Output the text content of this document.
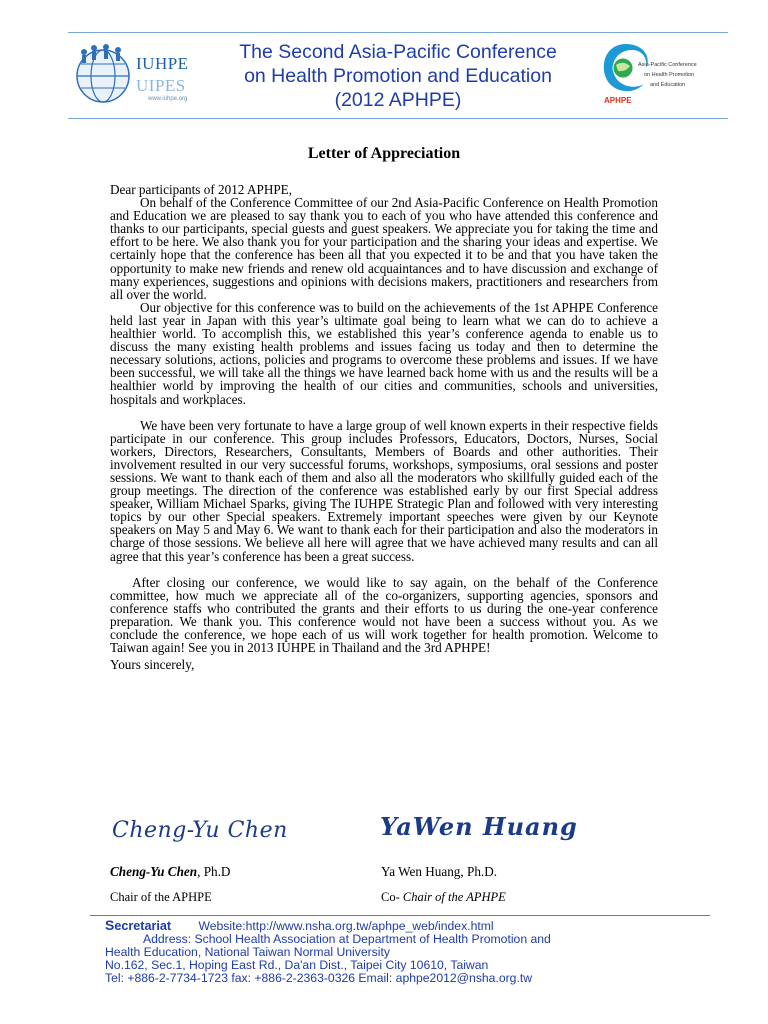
IUHPE
UIPES
www.iuhpe.org
The Second Asia-Pacific Conference
on Health Promotion and Education
(2012 APHPE)
Asia-Pacific Conference
on Health Promotion
and Education
APHPE
Letter of Appreciation

Dear participants of 2012 APHPE,

On behalf of the Conference Committee of our 2nd Asia-Pacific Conference on Health Promotion and Education we are pleased to say thank you to each of you who have attended this conference and thanks to our participants, special guests and guest speakers. We appreciate you for taking the time and effort to be here. We also thank you for your participation and the sharing your ideas and expertise. We certainly hope that the conference has been all that you expected it to be and that you have taken the opportunity to make new friends and renew old acquaintances and to have discussion and exchange of many experiences, suggestions and opinions with decisions makers, practitioners and researchers from all over the world.

Our objective for this conference was to build on the achievements of the 1st APHPE Conference held last year in Japan with this year’s ultimate goal being to learn what we can do to achieve a healthier world. To accomplish this, we established this year’s conference agenda to enable us to discuss the many existing health problems and issues facing us today and then to determine the necessary solutions, actions, policies and programs to overcome these problems and issues. If we have been successful, we will take all the things we have learned back home with us and the results will be a healthier world by improving the health of our cities and communities, schools and universities, hospitals and workplaces.

We have been very fortunate to have a large group of well known experts in their respective fields participate in our conference. This group includes Professors, Educators, Doctors, Nurses, Social workers, Directors, Researchers, Consultants, Members of Boards and other authorities. Their involvement resulted in our very successful forums, workshops, symposiums, oral sessions and poster sessions. We want to thank each of them and also all the moderators who skillfully guided each of the group meetings. The direction of the conference was established early by our first Special address speaker, William Michael Sparks, giving The IUHPE Strategic Plan and followed with very interesting topics by our other Special speakers. Extremely important speeches were given by our Keynote speakers on May 5 and May 6. We want to thank each for their participation and also the moderators in charge of those sessions. We believe all here will agree that we have achieved many results and can all agree that this year’s conference has been a great success.

After closing our conference, we would like to say again, on the behalf of the Conference committee, how much we appreciate all of the co-organizers, supporting agencies, sponsors and conference staffs who contributed the grants and their efforts to us during the one-year conference preparation. We thank you. This conference would not have been a success without you. As we conclude the conference, we hope each of us will work together for health promotion. Welcome to Taiwan again! See you in 2013 IUHPE in Thailand and the 3rd APHPE!

Yours sincerely,

Cheng-Yu Chen	YaWen Huang
Cheng-Yu Chen, Ph.D	Ya Wen Huang, Ph.D.
Chair of the APHPE	Co- Chair of the APHPE
Secretariat Website:http://www.nsha.org.tw/aphpe_web/index.html
Address: School Health Association at Department of Health Promotion and
Health Education, National Taiwan Normal University
No.162, Sec.1, Hoping East Rd., Da'an Dist., Taipei City 10610, Taiwan
Tel: +886-2-7734-1723 fax: +886-2-2363-0326 Email: aphpe2012@nsha.org.tw
